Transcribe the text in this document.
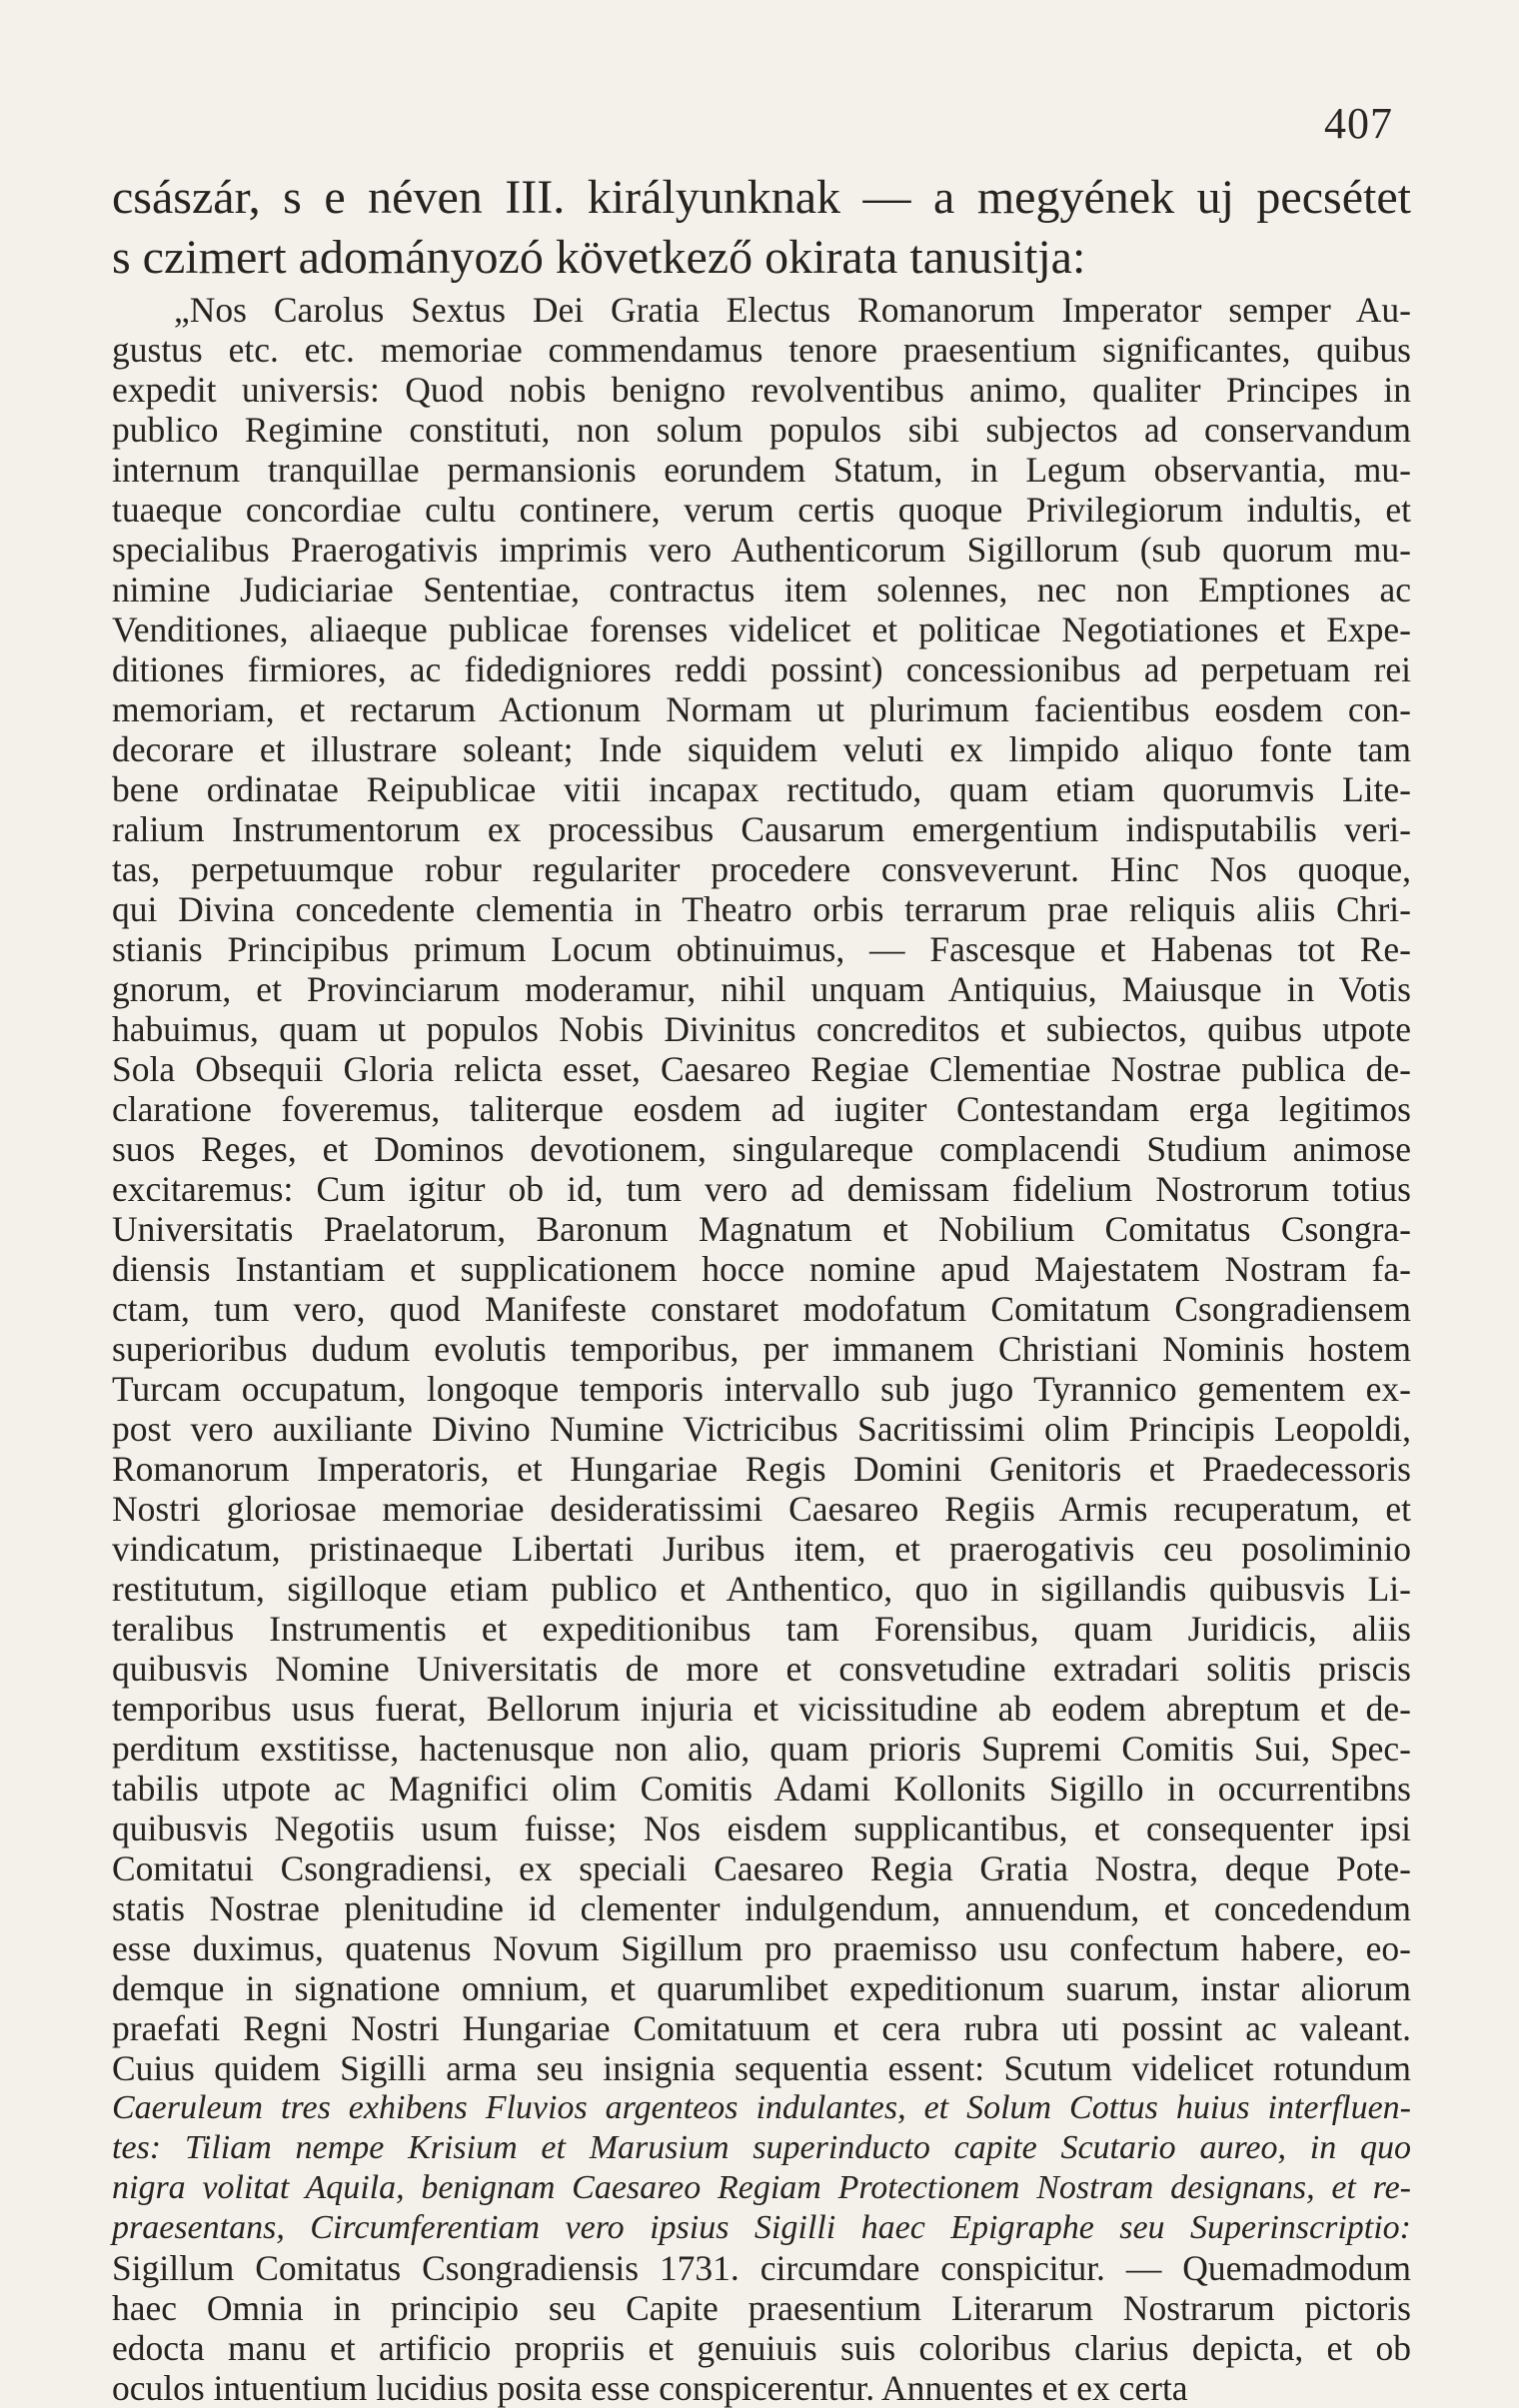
407
császár, s e néven III. királyunknak — a megyének uj pecsétet
s czimert adományozó következő okirata tanusitja:
„Nos Carolus Sextus Dei Gratia Electus Romanorum Imperator semper Au-
gustus etc. etc. memoriae commendamus tenore praesentium significantes, quibus
expedit universis: Quod nobis benigno revolventibus animo, qualiter Principes in
publico Regimine constituti, non solum populos sibi subjectos ad conservandum
internum tranquillae permansionis eorundem Statum, in Legum observantia, mu-
tuaeque concordiae cultu continere, verum certis quoque Privilegiorum indultis, et
specialibus Praerogativis imprimis vero Authenticorum Sigillorum (sub quorum mu-
nimine Judiciariae Sententiae, contractus item solennes, nec non Emptiones ac
Venditiones, aliaeque publicae forenses videlicet et politicae Negotiationes et Expe-
ditiones firmiores, ac fidedigniores reddi possint) concessionibus ad perpetuam rei
memoriam, et rectarum Actionum Normam ut plurimum facientibus eosdem con-
decorare et illustrare soleant; Inde siquidem veluti ex limpido aliquo fonte tam
bene ordinatae Reipublicae vitii incapax rectitudo, quam etiam quorumvis Lite-
ralium Instrumentorum ex processibus Causarum emergentium indisputabilis veri-
tas, perpetuumque robur regulariter procedere consveverunt. Hinc Nos quoque,
qui Divina concedente clementia in Theatro orbis terrarum prae reliquis aliis Chri-
stianis Principibus primum Locum obtinuimus, — Fascesque et Habenas tot Re-
gnorum, et Provinciarum moderamur, nihil unquam Antiquius, Maiusque in Votis
habuimus, quam ut populos Nobis Divinitus concreditos et subiectos, quibus utpote
Sola Obsequii Gloria relicta esset, Caesareo Regiae Clementiae Nostrae publica de-
claratione foveremus, taliterque eosdem ad iugiter Contestandam erga legitimos
suos Reges, et Dominos devotionem, singulareque complacendi Studium animose
excitaremus: Cum igitur ob id, tum vero ad demissam fidelium Nostrorum totius
Universitatis Praelatorum, Baronum Magnatum et Nobilium Comitatus Csongra-
diensis Instantiam et supplicationem hocce nomine apud Majestatem Nostram fa-
ctam, tum vero, quod Manifeste constaret modofatum Comitatum Csongradiensem
superioribus dudum evolutis temporibus, per immanem Christiani Nominis hostem
Turcam occupatum, longoque temporis intervallo sub jugo Tyrannico gementem ex-
post vero auxiliante Divino Numine Victricibus Sacritissimi olim Principis Leopoldi,
Romanorum Imperatoris, et Hungariae Regis Domini Genitoris et Praedecessoris
Nostri gloriosae memoriae desideratissimi Caesareo Regiis Armis recuperatum, et
vindicatum, pristinaeque Libertati Juribus item, et praerogativis ceu posoliminio
restitutum, sigilloque etiam publico et Anthentico, quo in sigillandis quibusvis Li-
teralibus Instrumentis et expeditionibus tam Forensibus, quam Juridicis, aliis
quibusvis Nomine Universitatis de more et consvetudine extradari solitis priscis
temporibus usus fuerat, Bellorum injuria et vicissitudine ab eodem abreptum et de-
perditum exstitisse, hactenusque non alio, quam prioris Supremi Comitis Sui, Spec-
tabilis utpote ac Magnifici olim Comitis Adami Kollonits Sigillo in occurrentibns
quibusvis Negotiis usum fuisse; Nos eisdem supplicantibus, et consequenter ipsi
Comitatui Csongradiensi, ex speciali Caesareo Regia Gratia Nostra, deque Pote-
statis Nostrae plenitudine id clementer indulgendum, annuendum, et concedendum
esse duximus, quatenus Novum Sigillum pro praemisso usu confectum habere, eo-
demque in signatione omnium, et quarumlibet expeditionum suarum, instar aliorum
praefati Regni Nostri Hungariae Comitatuum et cera rubra uti possint ac valeant.
Cuius quidem Sigilli arma seu insignia sequentia essent: Scutum videlicet rotundum
Caeruleum tres exhibens Fluvios argenteos indulantes, et Solum Cottus huius interfluen-
tes: Tiliam nempe Krisium et Marusium superinducto capite Scutario aureo, in quo
nigra volitat Aquila, benignam Caesareo Regiam Protectionem Nostram designans, et re-
praesentans, Circumferentiam vero ipsius Sigilli haec Epigraphe seu Superinscriptio:
Sigillum Comitatus Csongradiensis 1731. circumdare conspicitur. — Quemadmodum
haec Omnia in principio seu Capite praesentium Literarum Nostrarum pictoris
edocta manu et artificio propriis et genuiuis suis coloribus clarius depicta, et ob
oculos intuentium lucidius posita esse conspicerentur. Annuentes et ex certa
